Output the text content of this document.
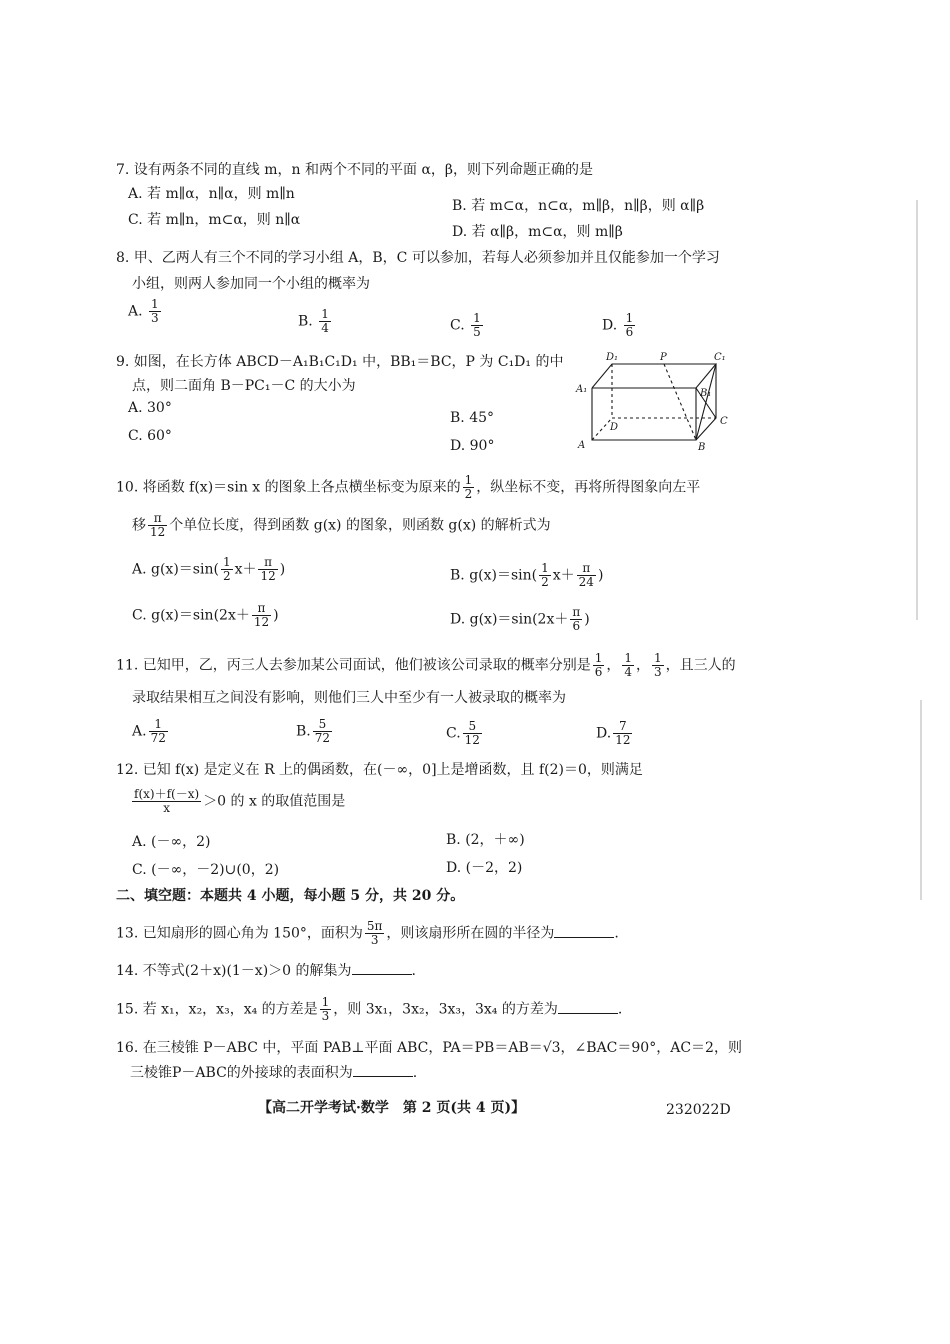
7. 设有两条不同的直线 m，n 和两个不同的平面 α，β，则下列命题正确的是
A. 若 m∥α，n∥α，则 m∥n
B. 若 m⊂α，n⊂α，m∥β，n∥β，则 α∥β
C. 若 m∥n，m⊂α，则 n∥α
D. 若 α∥β，m⊂α，则 m∥β
8. 甲、乙两人有三个不同的学习小组 A，B，C 可以参加，若每人必须参加并且仅能参加一个学习
小组，则两人参加同一个小组的概率为
A. $\frac{1}{3}$	B. $\frac{1}{4}$	C. $\frac{1}{5}$	D. $\frac{1}{6}$
9. 如图，在长方体 ABCD－A₁B₁C₁D₁ 中，BB₁＝BC，P 为 C₁D₁ 的中
点，则二面角 B－PC₁－C 的大小为
A. 30°
B. 45°
C. 60°
D. 90°
D₁	P	C₁
A₁	B₁
D
C
A	B
10. 将函数 f(x)＝sin x 的图象上各点横坐标变为原来的 $\frac{1}{2}$ ，纵坐标不变，再将所得图象向左平
移 $\frac{\pi}{12}$ 个单位长度，得到函数 g(x) 的图象，则函数 g(x) 的解析式为
A. $g(x)=\sin( \frac{1}{2} x+ \frac{\pi}{12}$ )	B. $g(x)=\sin( \frac{1}{2} x+ \frac{\pi}{24}$ )
C. $g(x)=\sin(2x+ \frac{\pi}{12}$ )	D. $g(x)=\sin(2x+ \frac{\pi}{6}$ )
11. 已知甲，乙，丙三人去参加某公司面试，他们被该公司录取的概率分别是 $\frac{1}{6}$ ， $\frac{1}{4}$ ， $\frac{1}{3}$ ，且三人的
录取结果相互之间没有影响，则他们三人中至少有一人被录取的概率为
A. $\frac{1}{72}$	B. $\frac{5}{72}$	C. $\frac{5}{12}$	D. $\frac{7}{12}$
12. 已知 f(x) 是定义在 R 上的偶函数，在(－∞，0]上是增函数，且 f(2)＝0，则满足
$\frac{f(x)+f(-x)}{x} >0$ 的 x 的取值范围是
A. (－∞，2)	B. (2，＋∞)
C. (－∞，－2)∪(0，2)	D. (－2，2)
二、填空题：本题共 4 小题，每小题 5 分，共 20 分。
13. 已知扇形的圆心角为 150°，面积为 $\frac{5\pi}{3}$ ，则该扇形所在圆的半径为	.
14. 不等式(2＋x)(1－x)＞0 的解集为	.
15. 若 x₁，x₂，x₃，x₄ 的方差是 $\frac{1}{3}$ ，则 3x₁，3x₂，3x₃，3x₄ 的方差为	.
16. 在三棱锥 P－ABC 中，平面 PAB⊥平面 ABC，PA＝PB＝AB＝√3，∠BAC＝90°，AC＝2，则
三棱锥P－ABC的外接球的表面积为	.
【高二开学考试·数学　第 2 页(共 4 页)】	232022D
